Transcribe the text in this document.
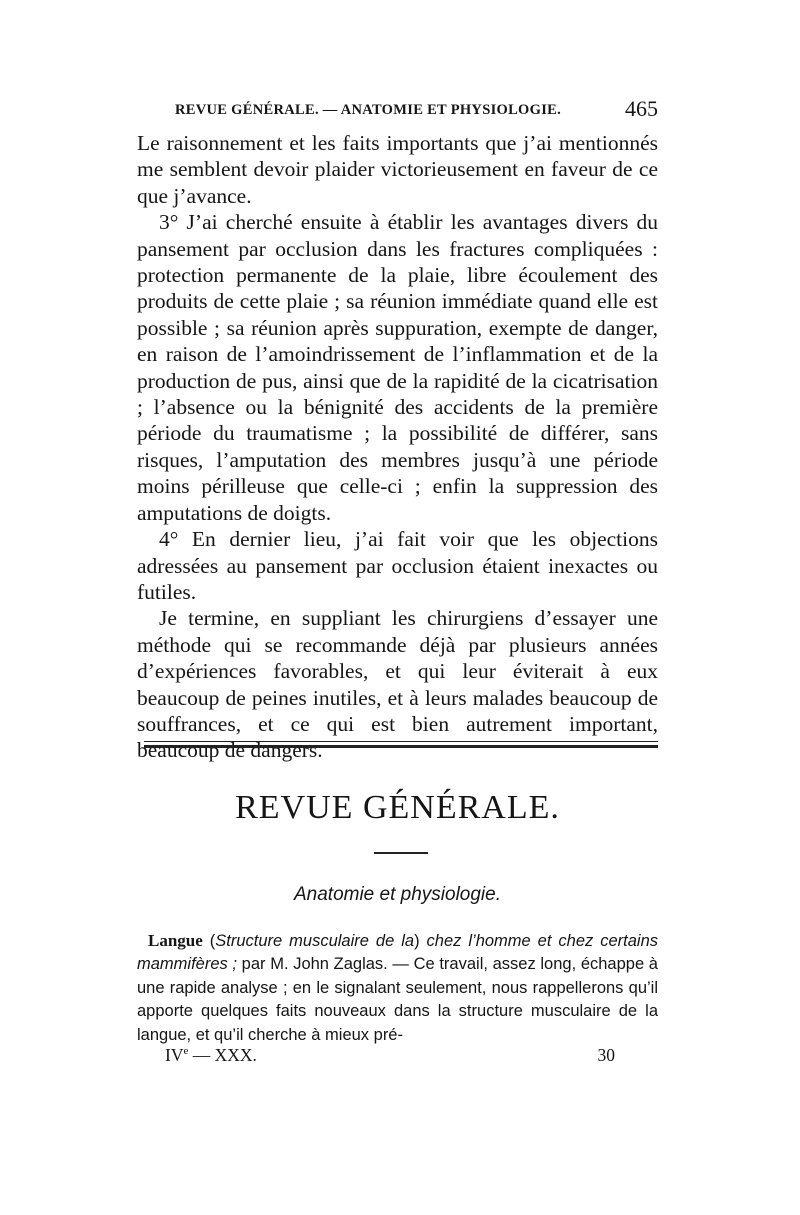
REVUE GÉNÉRALE. — ANATOMIE ET PHYSIOLOGIE.	465

Le raisonnement et les faits importants que j’ai mentionnés me semblent devoir plaider victorieusement en faveur de ce que j’avance.

3° J’ai cherché ensuite à établir les avantages divers du pansement par occlusion dans les fractures compliquées : protection permanente de la plaie, libre écoulement des produits de cette plaie ; sa réunion immédiate quand elle est possible ; sa réunion après suppuration, exempte de danger, en raison de l’amoindrissement de l’inflammation et de la production de pus, ainsi que de la rapidité de la cicatrisation ; l’absence ou la bénignité des accidents de la première période du traumatisme ; la possibilité de différer, sans risques, l’amputation des membres jusqu’à une période moins périlleuse que celle-ci ; enfin la suppression des amputations de doigts.

4° En dernier lieu, j’ai fait voir que les objections adressées au pansement par occlusion étaient inexactes ou futiles.

Je termine, en suppliant les chirurgiens d’essayer une méthode qui se recommande déjà par plusieurs années d’expériences favorables, et qui leur éviterait à eux beaucoup de peines inutiles, et à leurs malades beaucoup de souffrances, et ce qui est bien autrement important, beaucoup de dangers.

REVUE GÉNÉRALE.
Anatomie et physiologie.

Langue (Structure musculaire de la) chez l’homme et chez certains mammifères ; par M. John Zaglas. — Ce travail, assez long, échappe à une rapide analyse ; en le signalant seulement, nous rappellerons qu’il apporte quelques faits nouveaux dans la structure musculaire de la langue, et qu’il cherche à mieux pré-

IVe — XXX.	30
